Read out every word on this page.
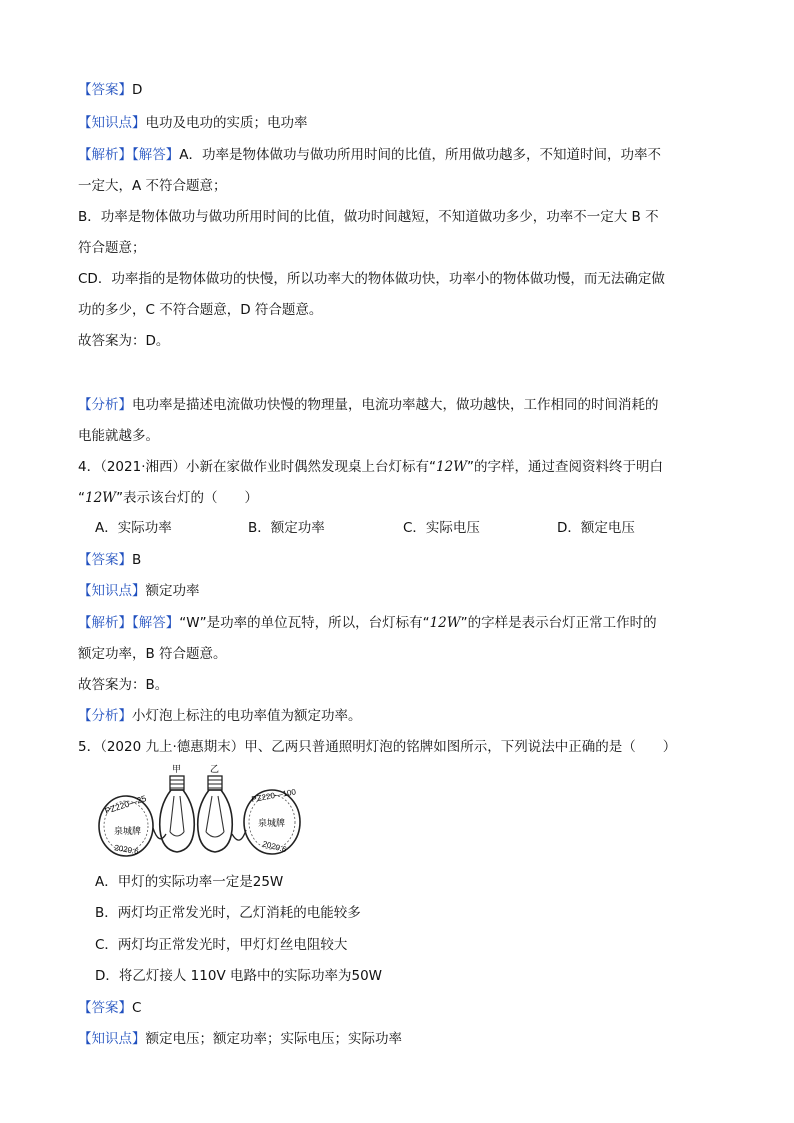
【答案】D
【知识点】电功及电功的实质；电功率
【解析】【解答】A．功率是物体做功与做功所用时间的比值，所用做功越多，不知道时间，功率不
一定大，A 不符合题意；
B．功率是物体做功与做功所用时间的比值，做功时间越短，不知道做功多少，功率不一定大 B 不
符合题意；
CD．功率指的是物体做功的快慢，所以功率大的物体做功快，功率小的物体做功慢，而无法确定做
功的多少，C 不符合题意，D 符合题意。
故答案为：D。
【分析】电功率是描述电流做功快慢的物理量，电流功率越大，做功越快，工作相同的时间消耗的
电能就越多。
4．（2021·湘西）小新在家做作业时偶然发现桌上台灯标有“12W”的字样，通过查阅资料终于明白
“12W”表示该台灯的（　　）
A．实际功率	B．额定功率	C．实际电压	D．额定电压
【答案】B
【知识点】额定功率
【解析】【解答】“W”是功率的单位瓦特，所以，台灯标有“12W”的字样是表示台灯正常工作时的
额定功率，B 符合题意。
故答案为：B。
【分析】小灯泡上标注的电功率值为额定功率。
5．（2020 九上·德惠期末）甲、乙两只普通照明灯泡的铭牌如图所示，下列说法中正确的是（　　）
PZ220—25
泉城牌
2020.6
甲	乙
PZ220—100
泉城牌
2020.6
A．甲灯的实际功率一定是25W
B．两灯均正常发光时，乙灯消耗的电能较多
C．两灯均正常发光时，甲灯灯丝电阻较大
D．将乙灯接人 110V 电路中的实际功率为50W
【答案】C
【知识点】额定电压；额定功率；实际电压；实际功率
